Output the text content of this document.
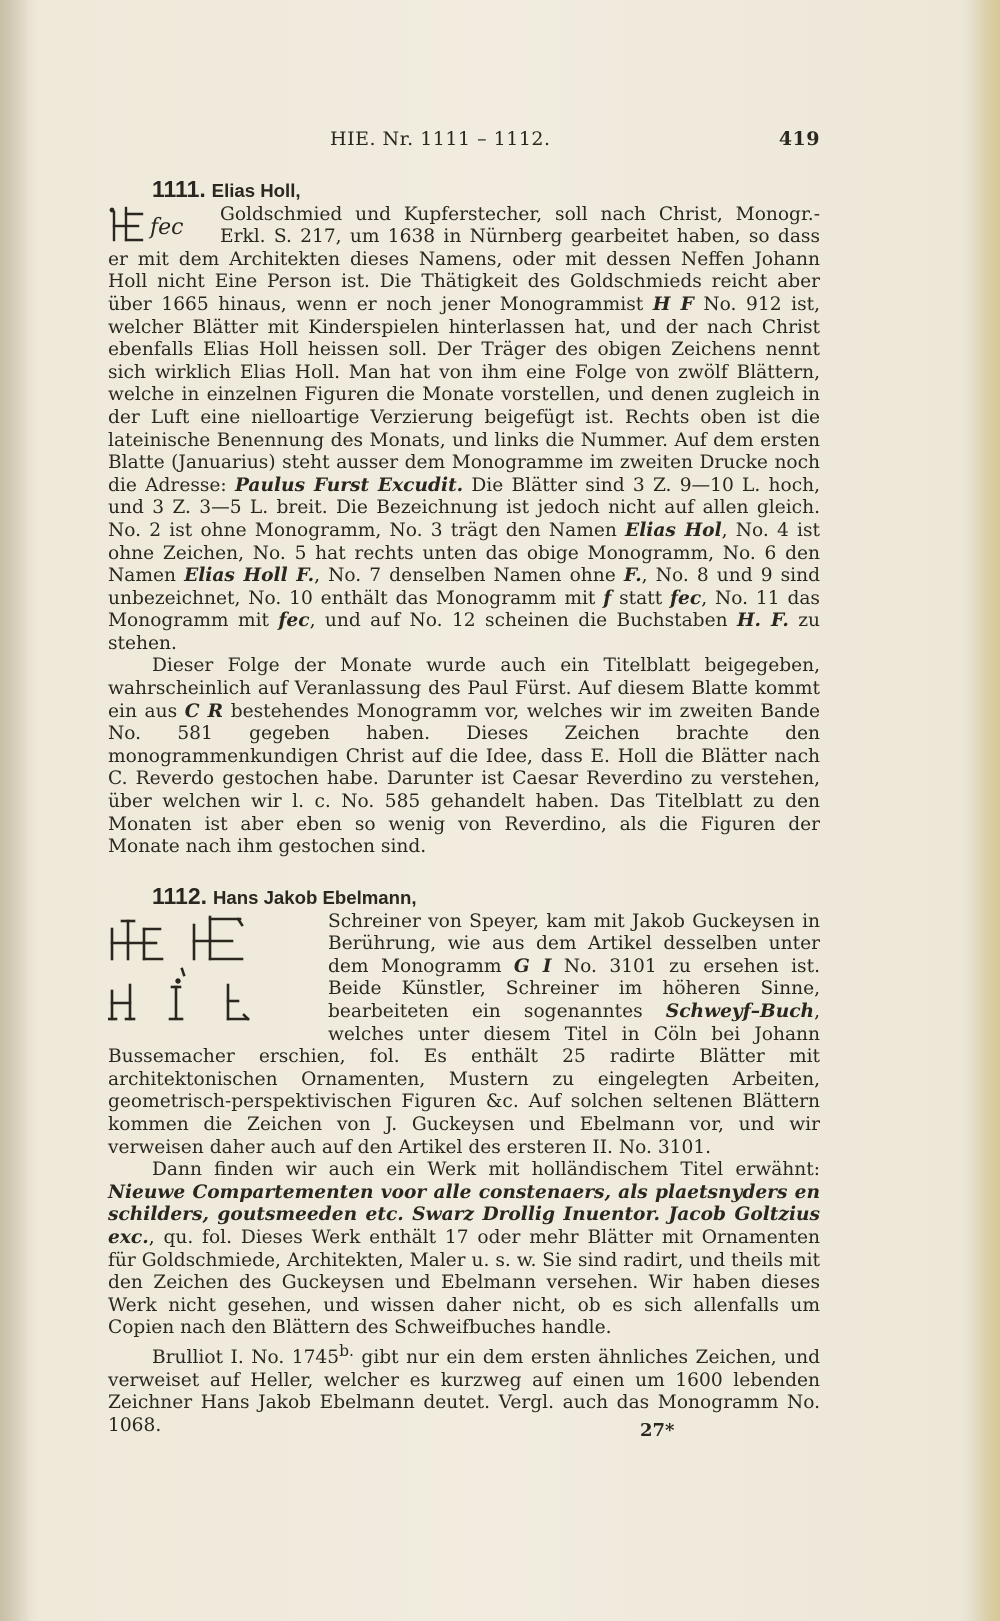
HIE. Nr. 1111 – 1112.	419

1111. Elias Holl,

fec
Goldschmied und Kupferstecher, soll nach Christ, Monogr.-Erkl. S. 217, um 1638 in Nürnberg gearbeitet haben, so dass er mit dem Architekten dieses Namens, oder mit dessen Neffen Johann Holl nicht Eine Person ist. Die Thätigkeit des Goldschmieds reicht aber über 1665 hinaus, wenn er noch jener Monogrammist H F No. 912 ist, welcher Blätter mit Kinderspielen hinterlassen hat, und der nach Christ ebenfalls Elias Holl heissen soll. Der Träger des obigen Zeichens nennt sich wirklich Elias Holl. Man hat von ihm eine Folge von zwölf Blättern, welche in einzelnen Figuren die Monate vorstellen, und denen zugleich in der Luft eine nielloartige Verzierung beigefügt ist. Rechts oben ist die lateinische Benennung des Monats, und links die Nummer. Auf dem ersten Blatte (Januarius) steht ausser dem Monogramme im zweiten Drucke noch die Adresse: Paulus Furst Excudit. Die Blätter sind 3 Z. 9—10 L. hoch, und 3 Z. 3—5 L. breit. Die Bezeichnung ist jedoch nicht auf allen gleich. No. 2 ist ohne Monogramm, No. 3 trägt den Namen Elias Hol, No. 4 ist ohne Zeichen, No. 5 hat rechts unten das obige Monogramm, No. 6 den Namen Elias Holl F., No. 7 denselben Namen ohne F., No. 8 und 9 sind unbezeichnet, No. 10 enthält das Monogramm mit f statt fec, No. 11 das Monogramm mit fec, und auf No. 12 scheinen die Buchstaben H. F. zu stehen.

Dieser Folge der Monate wurde auch ein Titelblatt beigegeben, wahrscheinlich auf Veranlassung des Paul Fürst. Auf diesem Blatte kommt ein aus C R bestehendes Monogramm vor, welches wir im zweiten Bande No. 581 gegeben haben. Dieses Zeichen brachte den monogrammenkundigen Christ auf die Idee, dass E. Holl die Blätter nach C. Reverdo gestochen habe. Darunter ist Caesar Reverdino zu verstehen, über welchen wir l. c. No. 585 gehandelt haben. Das Titelblatt zu den Monaten ist aber eben so wenig von Reverdino, als die Figuren der Monate nach ihm gestochen sind.

1112. Hans Jakob Ebelmann,

Schreiner von Speyer, kam mit Jakob Guckeysen in Berührung, wie aus dem Artikel desselben unter dem Monogramm G I No. 3101 zu ersehen ist. Beide Künstler, Schreiner im höheren Sinne, bearbeiteten ein sogenanntes Schweyf–Buch, welches unter diesem Titel in Cöln bei Johann Bussemacher erschien, fol. Es enthält 25 radirte Blätter mit architektonischen Ornamenten, Mustern zu eingelegten Arbeiten, geometrisch-perspektivischen Figuren &c. Auf solchen seltenen Blättern kommen die Zeichen von J. Guckeysen und Ebelmann vor, und wir verweisen daher auch auf den Artikel des ersteren II. No. 3101.

Dann finden wir auch ein Werk mit holländischem Titel erwähnt: Nieuwe Compartementen voor alle constenaers, als plaetsnyders en schilders, goutsmeeden etc. Swarz Drollig Inuentor. Jacob Goltzius exc., qu. fol. Dieses Werk enthält 17 oder mehr Blätter mit Ornamenten für Goldschmiede, Architekten, Maler u. s. w. Sie sind radirt, und theils mit den Zeichen des Guckeysen und Ebelmann versehen. Wir haben dieses Werk nicht gesehen, und wissen daher nicht, ob es sich allenfalls um Copien nach den Blättern des Schweifbuches handle.

Brulliot I. No. $1745^{b.}$ gibt nur ein dem ersten ähnliches Zeichen, und verweiset auf Heller, welcher es kurzweg auf einen um 1600 lebenden Zeichner Hans Jakob Ebelmann deutet. Vergl. auch das Monogramm No. 1068.	27*
